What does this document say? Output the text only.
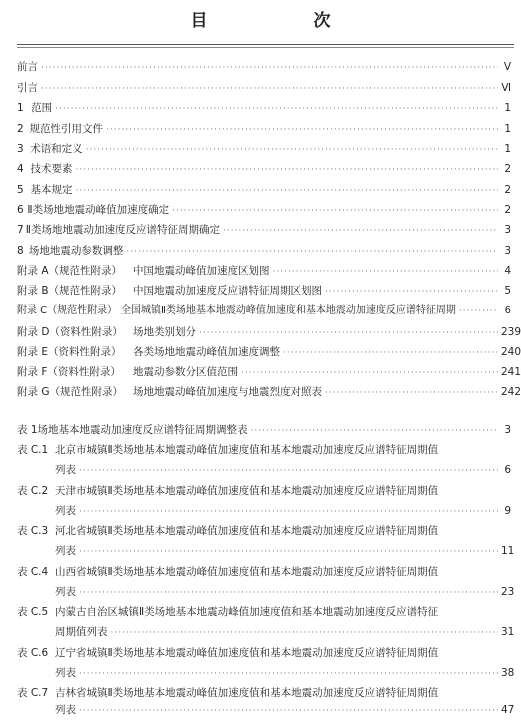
目　　次
前言 ·····	Ⅴ
引言 ·····	Ⅵ
1 范围 ·····	1
2 规范性引用文件 ·····	1
3 术语和定义 ·····	1
4 技术要素 ·····	2
5 基本规定 ·····	2
6 Ⅱ类场地地震动峰值加速度确定 ·····	2
7 Ⅱ类场地地震动加速度反应谱特征周期确定 ·····	3
8 场地地震动参数调整 ·····	3
附录 A（规范性附录）	中国地震动峰值加速度区划图 ·····	4
附录 B（规范性附录）	中国地震动加速度反应谱特征周期区划图 ·····	5
附录 C（规范性附录） 全国城镇Ⅱ类场地基本地震动峰值加速度和基本地震动加速度反应谱特征周期 ·····	6
附录 D（资料性附录） 场地类别划分 ·····	239
附录 E（资料性附录）	各类场地地震动峰值加速度调整 ·····	240
附录 F（资料性附录）	地震动参数分区值范围 ·····	241
附录 G（规范性附录） 场地地震动峰值加速度与地震烈度对照表 ·····	242
表 1 场地基本地震动加速度反应谱特征周期调整表 ·····	3
表 C.1 北京市城镇Ⅱ类场地基本地震动峰值加速度值和基本地震动加速度反应谱特征周期值
列表 ·····	6
表 C.2 天津市城镇Ⅱ类场地基本地震动峰值加速度值和基本地震动加速度反应谱特征周期值
列表 ·····	9
表 C.3 河北省城镇Ⅱ类场地基本地震动峰值加速度值和基本地震动加速度反应谱特征周期值
列表 ·····	11
表 C.4 山西省城镇Ⅱ类场地基本地震动峰值加速度值和基本地震动加速度反应谱特征周期值
列表 ·····	23
表 C.5 内蒙古自治区城镇Ⅱ类场地基本地震动峰值加速度值和基本地震动加速度反应谱特征
周期值列表 ·····	31
表 C.6 辽宁省城镇Ⅱ类场地基本地震动峰值加速度值和基本地震动加速度反应谱特征周期值
列表 ·····	38
表 C.7 吉林省城镇Ⅱ类场地基本地震动峰值加速度值和基本地震动加速度反应谱特征周期值
列表 ·····	47
